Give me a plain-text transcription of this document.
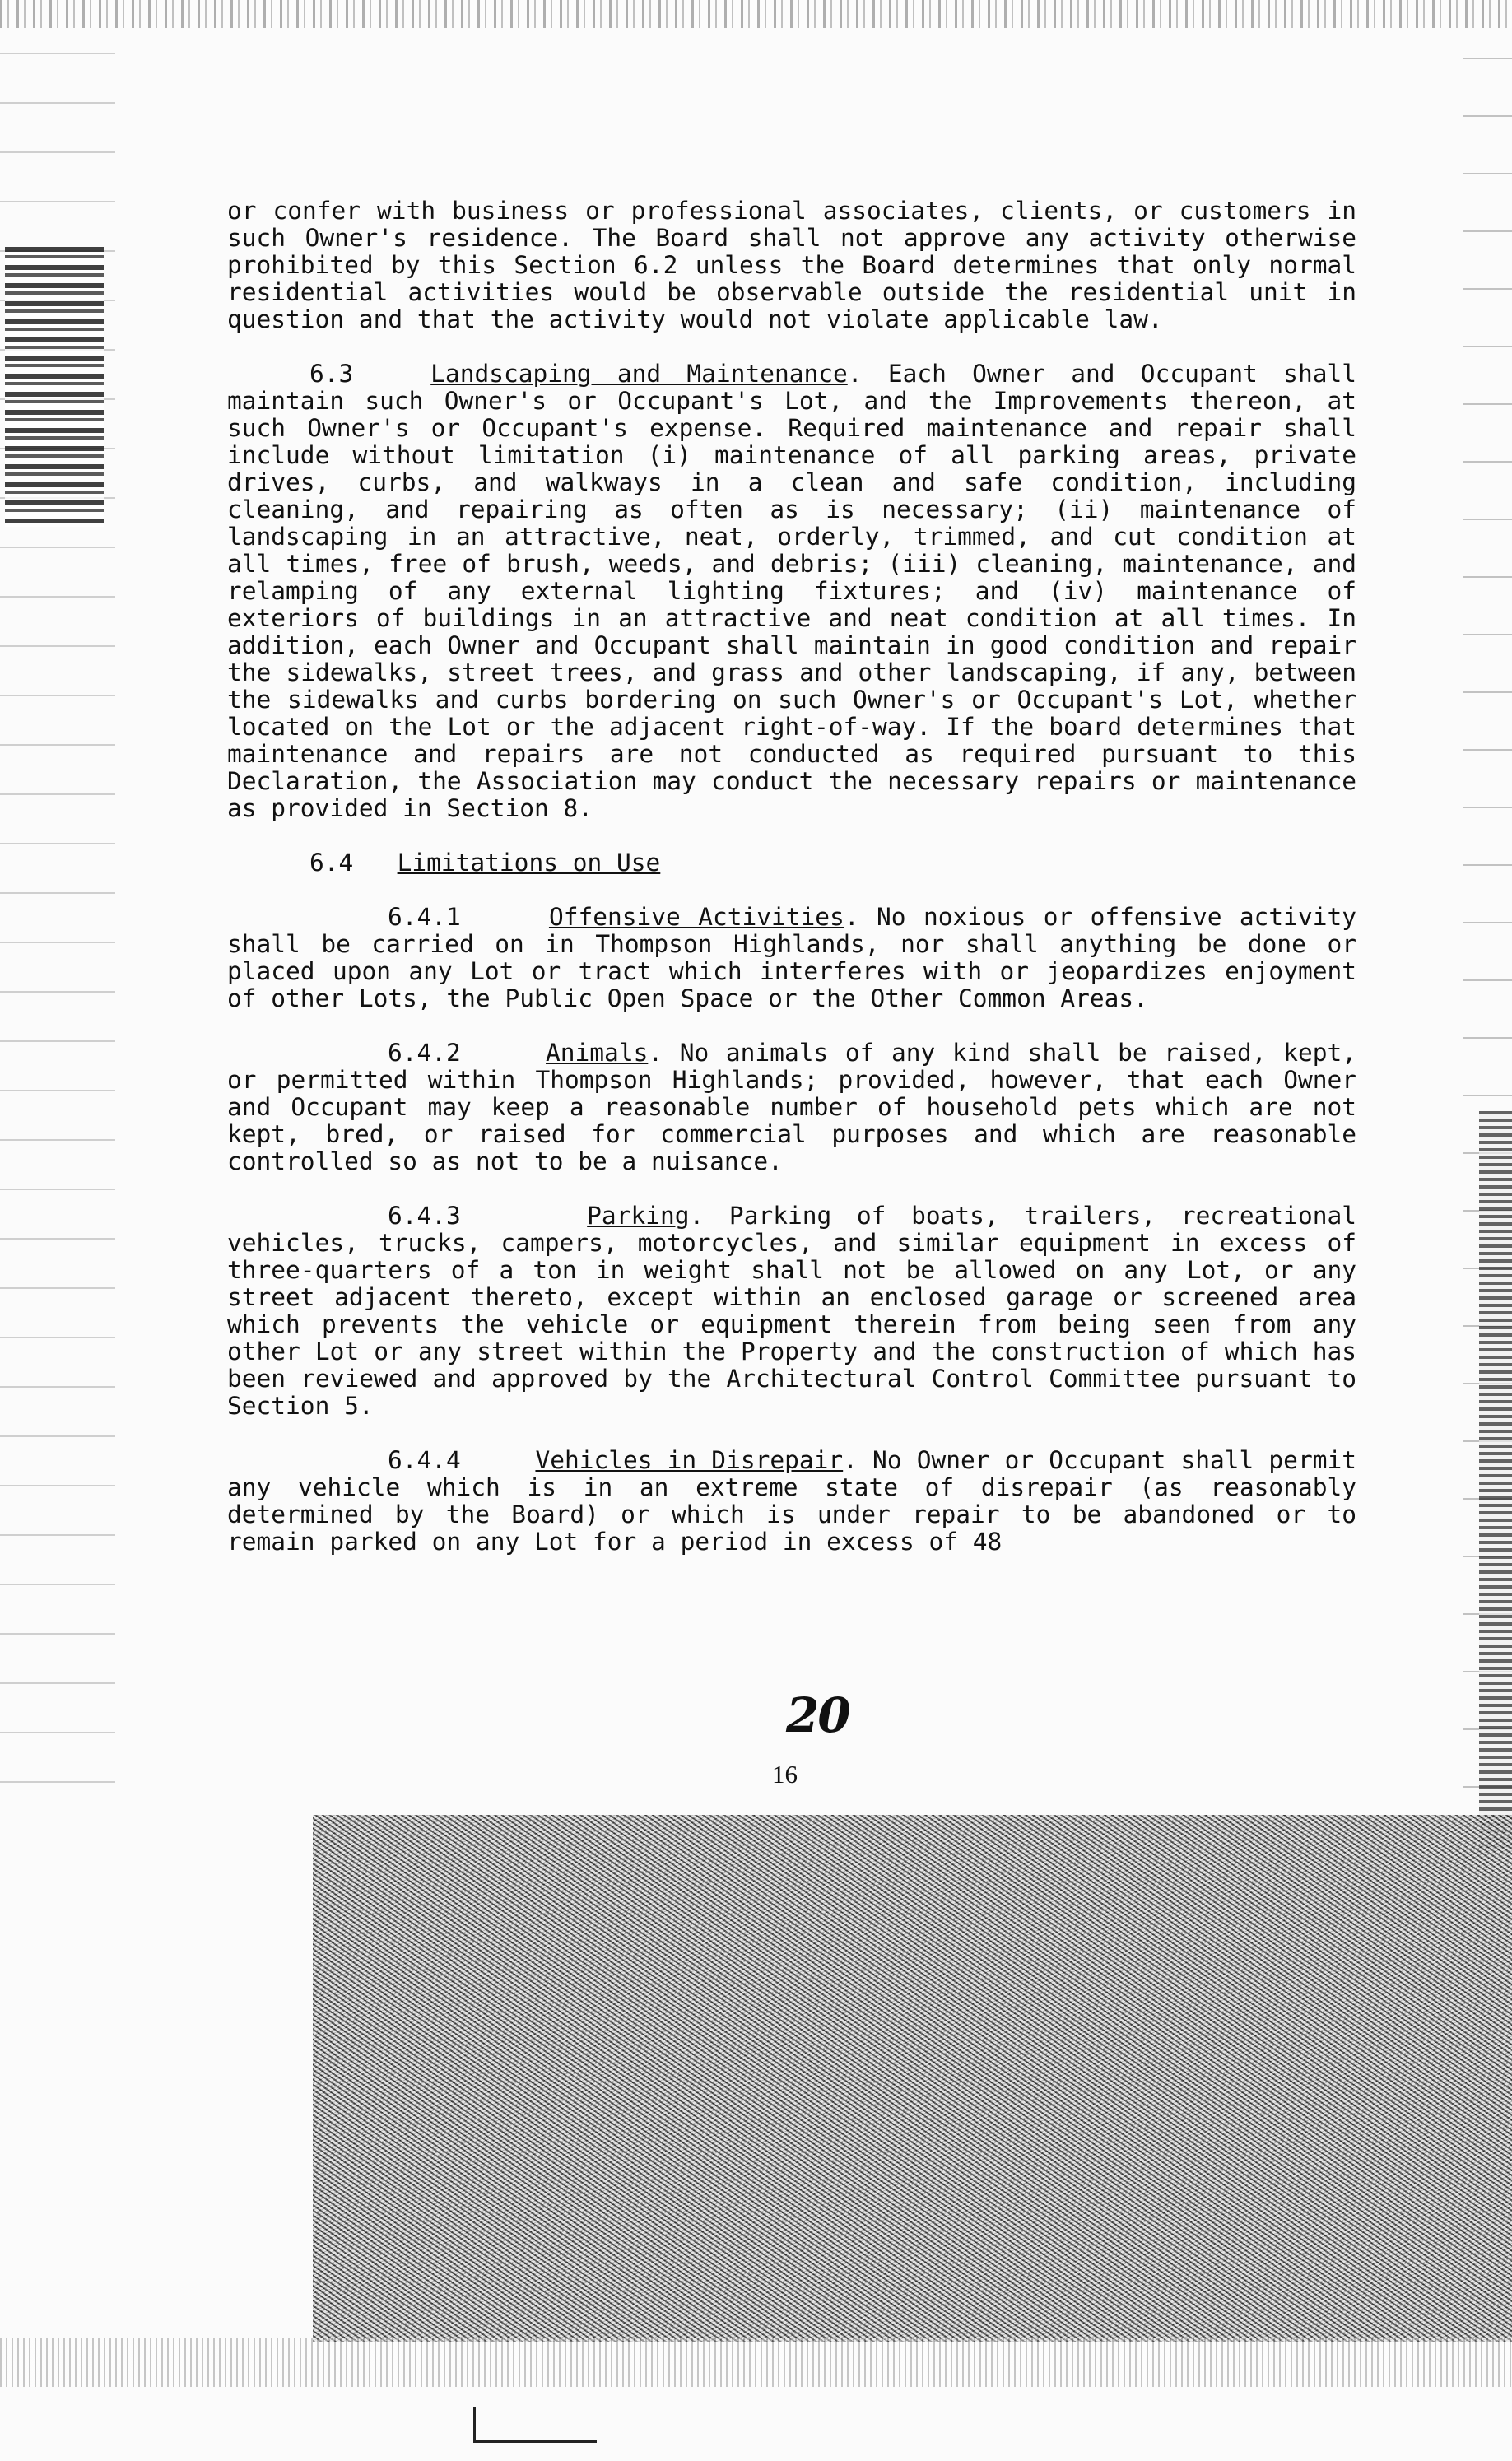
or confer with business or professional associates, clients, or customers in such Owner's residence. The Board shall not approve any activity otherwise prohibited by this Section 6.2 unless the Board determines that only normal residential activities would be observable outside the residential unit in question and that the activity would not violate applicable law.

6.3	Landscaping and Maintenance. Each Owner and Occupant shall maintain such Owner's or Occupant's Lot, and the Improvements thereon, at such Owner's or Occupant's expense. Required maintenance and repair shall include without limitation (i) maintenance of all parking areas, private drives, curbs, and walkways in a clean and safe condition, including cleaning, and repairing as often as is necessary; (ii) maintenance of landscaping in an attractive, neat, orderly, trimmed, and cut condition at all times, free of brush, weeds, and debris; (iii) cleaning, maintenance, and relamping of any external lighting fixtures; and (iv) maintenance of exteriors of buildings in an attractive and neat condition at all times. In addition, each Owner and Occupant shall maintain in good condition and repair the sidewalks, street trees, and grass and other landscaping, if any, between the sidewalks and curbs bordering on such Owner's or Occupant's Lot, whether located on the Lot or the adjacent right-of-way. If the board determines that maintenance and repairs are not conducted as required pursuant to this Declaration, the Association may conduct the necessary repairs or maintenance as provided in Section 8.

6.4 Limitations on Use

6.4.1	Offensive Activities. No noxious or offensive activity shall be carried on in Thompson Highlands, nor shall anything be done or placed upon any Lot or tract which interferes with or jeopardizes enjoyment of other Lots, the Public Open Space or the Other Common Areas.

6.4.2	Animals. No animals of any kind shall be raised, kept, or permitted within Thompson Highlands; provided, however, that each Owner and Occupant may keep a reasonable number of household pets which are not kept, bred, or raised for commercial purposes and which are reasonable controlled so as not to be a nuisance.

6.4.3	Parking. Parking of boats, trailers, recreational vehicles, trucks, campers, motorcycles, and similar equipment in excess of three-quarters of a ton in weight shall not be allowed on any Lot, or any street adjacent thereto, except within an enclosed garage or screened area which prevents the vehicle or equipment therein from being seen from any other Lot or any street within the Property and the construction of which has been reviewed and approved by the Architectural Control Committee pursuant to Section 5.

6.4.4	Vehicles in Disrepair. No Owner or Occupant shall permit any vehicle which is in an extreme state of disrepair (as reasonably determined by the Board) or which is under repair to be abandoned or to remain parked on any Lot for a period in excess of 48

20
16
